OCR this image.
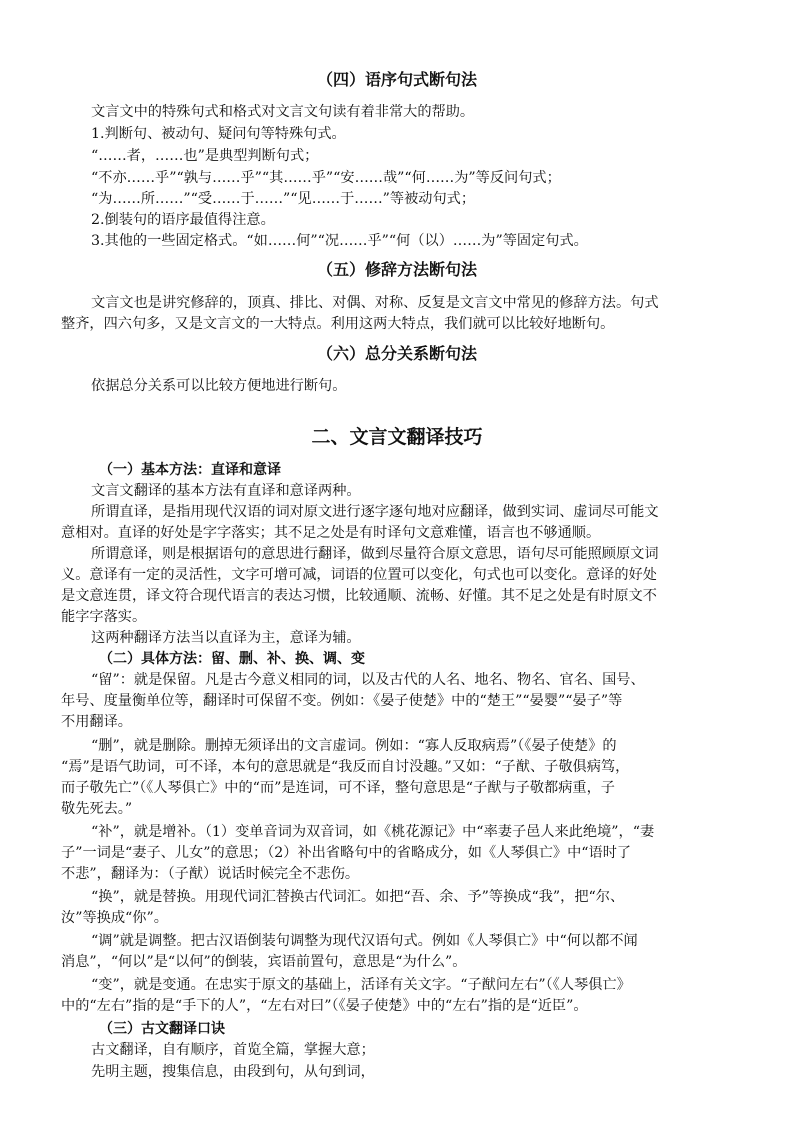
（四）语序句式断句法
文言文中的特殊句式和格式对文言文句读有着非常大的帮助。
1.判断句、被动句、疑问句等特殊句式。
“……者，……也”是典型判断句式；
“不亦……乎”“孰与……乎”“其……乎”“安……哉”“何……为”等反问句式；
“为……所……”“受……于……”“见……于……”等被动句式；
2.倒装句的语序最值得注意。
3.其他的一些固定格式。“如……何”“况……乎”“何（以）……为”等固定句式。
（五）修辞方法断句法
文言文也是讲究修辞的，顶真、排比、对偶、对称、反复是文言文中常见的修辞方法。句式
整齐，四六句多，又是文言文的一大特点。利用这两大特点，我们就可以比较好地断句。
（六）总分关系断句法
依据总分关系可以比较方便地进行断句。
二、文言文翻译技巧
（一）基本方法：直译和意译
文言文翻译的基本方法有直译和意译两种。
所谓直译，是指用现代汉语的词对原文进行逐字逐句地对应翻译，做到实词、虚词尽可能文
意相对。直译的好处是字字落实；其不足之处是有时译句文意难懂，语言也不够通顺。
所谓意译，则是根据语句的意思进行翻译，做到尽量符合原文意思，语句尽可能照顾原文词
义。意译有一定的灵活性，文字可增可减，词语的位置可以变化，句式也可以变化。意译的好处
是文意连贯，译文符合现代语言的表达习惯，比较通顺、流畅、好懂。其不足之处是有时原文不
能字字落实。
这两种翻译方法当以直译为主，意译为辅。
（二）具体方法：留、删、补、换、调、变
“留”：就是保留。凡是古今意义相同的词，以及古代的人名、地名、物名、官名、国号、
年号、度量衡单位等，翻译时可保留不变。例如：《晏子使楚》中的“楚王”“晏婴”“晏子”等
不用翻译。
“删”，就是删除。删掉无须译出的文言虚词。例如：“寡人反取病焉”（《晏子使楚》的
“焉”是语气助词，可不译，本句的意思就是“我反而自讨没趣。”又如：“子猷、子敬俱病笃，
而子敬先亡”（《人琴俱亡》中的“而”是连词，可不译，整句意思是“子猷与子敬都病重，子
敬先死去。”
“补”，就是增补。（1）变单音词为双音词，如《桃花源记》中“率妻子邑人来此绝境”，“妻
子”一词是“妻子、儿女”的意思；（2）补出省略句中的省略成分，如《人琴俱亡》中“语时了
不悲”，翻译为：（子猷）说话时候完全不悲伤。
“换”，就是替换。用现代词汇替换古代词汇。如把“吾、余、予”等换成“我”，把“尔、
汝”等换成“你”。
“调”就是调整。把古汉语倒装句调整为现代汉语句式。例如《人琴俱亡》中“何以都不闻
消息”，“何以”是“以何”的倒装，宾语前置句，意思是“为什么”。
“变”，就是变通。在忠实于原文的基础上，活译有关文字。“子猷问左右”（《人琴俱亡》
中的“左右”指的是“手下的人”，“左右对曰”（《晏子使楚》中的“左右”指的是“近臣”。
（三）古文翻译口诀
古文翻译，自有顺序，首览全篇，掌握大意；
先明主题，搜集信息，由段到句，从句到词，
